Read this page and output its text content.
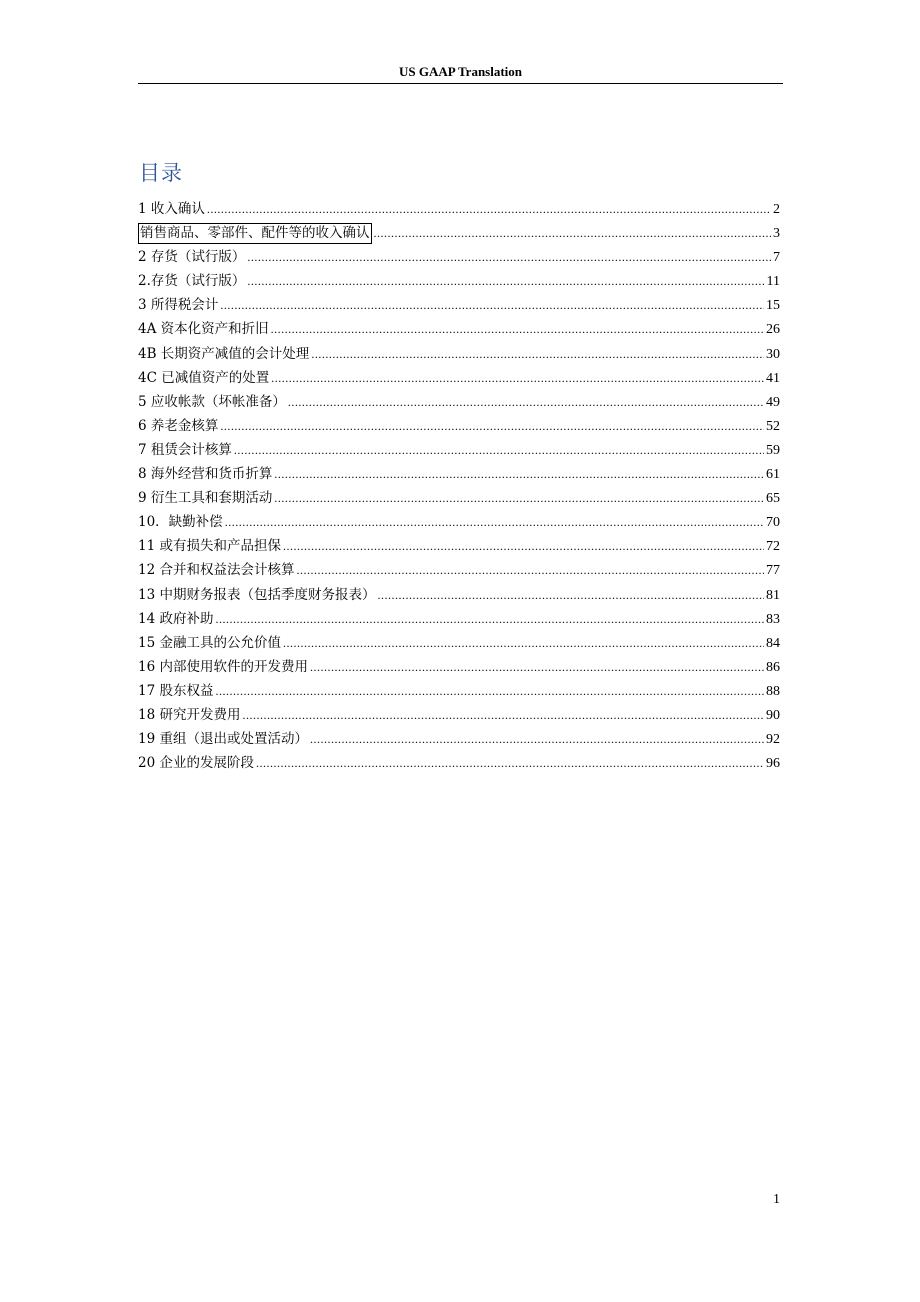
US GAAP Translation
目录
1 收入确认 .....	2
销售商品、零部件、配件等的收入确认 .....	3
2 存货（试行版） .....	7
2.存货（试行版） .....	11
3 所得税会计 .....	15
4A 资本化资产和折旧 .....	26
4B 长期资产减值的会计处理 .....	30
4C 已减值资产的处置 .....	41
5 应收帐款（坏帐准备） .....	49
6 养老金核算 .....	52
7 租赁会计核算 .....	59
8 海外经营和货币折算 .....	61
9 衍生工具和套期活动 .....	65
10．缺勤补偿 .....	70
11 或有损失和产品担保 .....	72
12 合并和权益法会计核算 .....	77
13 中期财务报表（包括季度财务报表） .....	81
14 政府补助 .....	83
15 金融工具的公允价值 .....	84
16 内部使用软件的开发费用 .....	86
17 股东权益 .....	88
18 研究开发费用 .....	90
19 重组（退出或处置活动） .....	92
20 企业的发展阶段 .....	96
1
